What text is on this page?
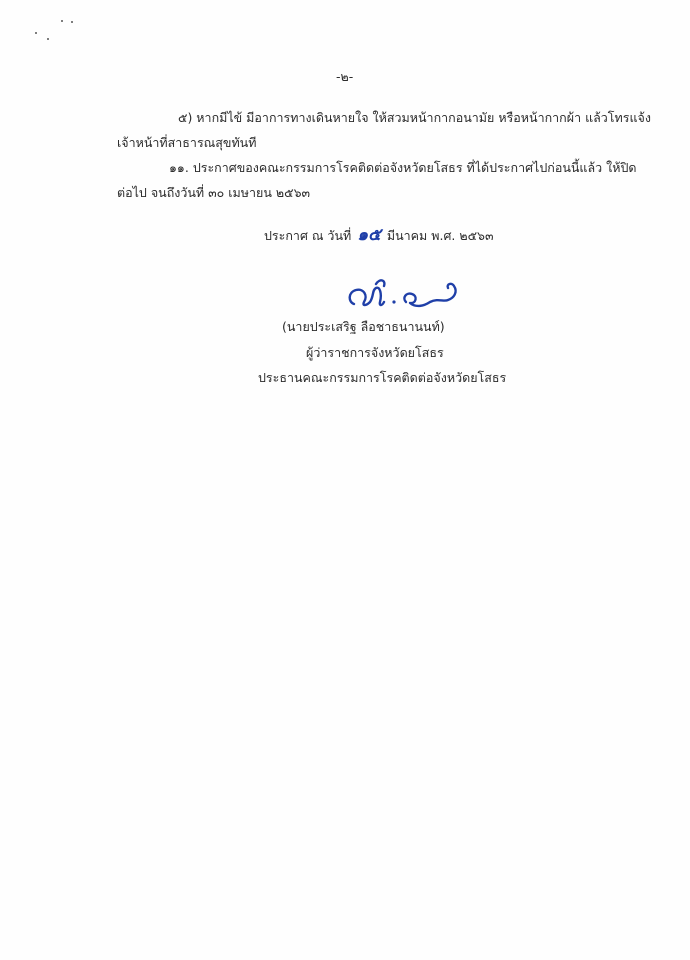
-๒-
๕) หากมีไข้ มีอาการทางเดินหายใจ ให้สวมหน้ากากอนามัย หรือหน้ากากผ้า แล้วโทรแจ้ง
เจ้าหน้าที่สาธารณสุขทันที
๑๑. ประกาศของคณะกรรมการโรคติดต่อจังหวัดยโสธร ที่ได้ประกาศไปก่อนนี้แล้ว ให้ปิด
ต่อไป จนถึงวันที่ ๓๐ เมษายน ๒๕๖๓
ประกาศ ณ วันที่ ๑๕ มีนาคม พ.ศ. ๒๕๖๓
(นายประเสริฐ ลือชาธนานนท์)
ผู้ว่าราชการจังหวัดยโสธร
ประธานคณะกรรมการโรคติดต่อจังหวัดยโสธร
